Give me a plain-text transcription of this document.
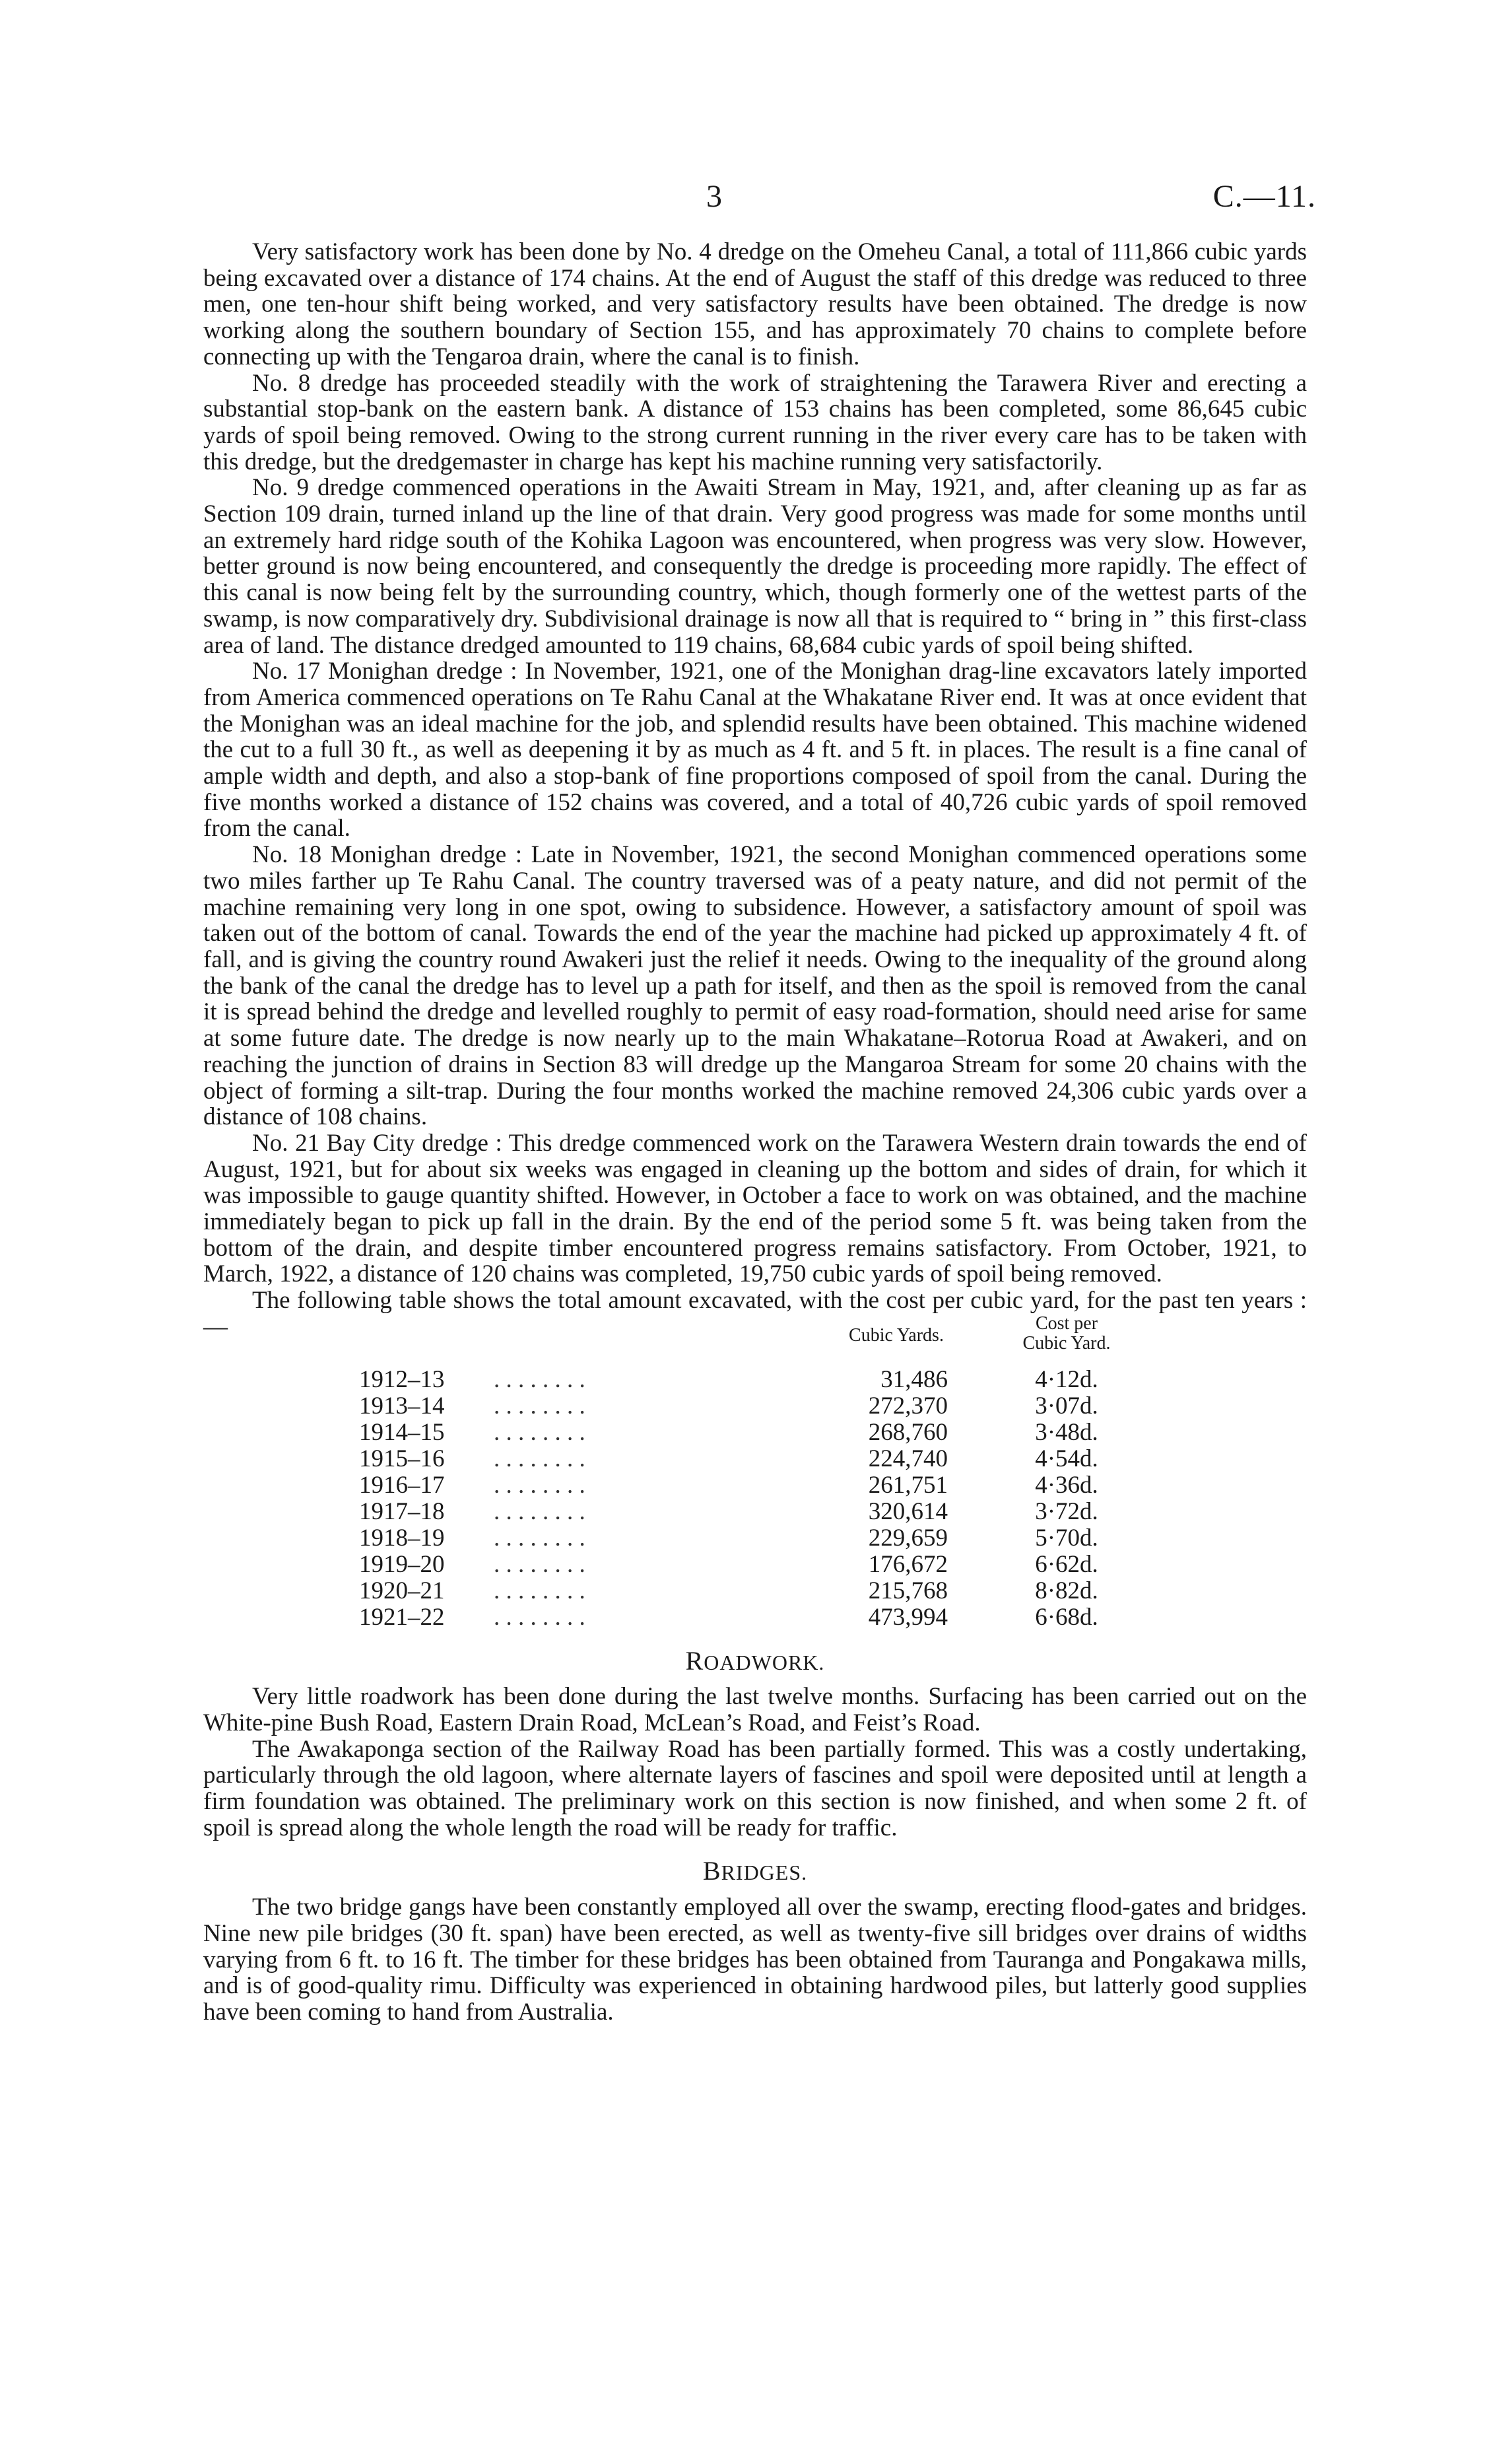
3	C.—11.

Very satisfactory work has been done by No. 4 dredge on the Omeheu Canal, a total of 111,866 cubic yards being excavated over a distance of 174 chains. At the end of August the staff of this dredge was reduced to three men, one ten-hour shift being worked, and very satisfactory results have been obtained. The dredge is now working along the southern boundary of Section 155, and has approximately 70 chains to complete before connecting up with the Tengaroa drain, where the canal is to finish.

No. 8 dredge has proceeded steadily with the work of straightening the Tarawera River and erecting a substantial stop-bank on the eastern bank. A distance of 153 chains has been completed, some 86,645 cubic yards of spoil being removed. Owing to the strong current running in the river every care has to be taken with this dredge, but the dredgemaster in charge has kept his machine running very satisfactorily.

No. 9 dredge commenced operations in the Awaiti Stream in May, 1921, and, after cleaning up as far as Section 109 drain, turned inland up the line of that drain. Very good progress was made for some months until an extremely hard ridge south of the Kohika Lagoon was encountered, when progress was very slow. However, better ground is now being encountered, and consequently the dredge is proceeding more rapidly. The effect of this canal is now being felt by the surrounding country, which, though formerly one of the wettest parts of the swamp, is now comparatively dry. Subdivisional drainage is now all that is required to “ bring in ” this first-class area of land. The distance dredged amounted to 119 chains, 68,684 cubic yards of spoil being shifted.

No. 17 Monighan dredge : In November, 1921, one of the Monighan drag-line excavators lately imported from America commenced operations on Te Rahu Canal at the Whakatane River end. It was at once evident that the Monighan was an ideal machine for the job, and splendid results have been obtained. This machine widened the cut to a full 30 ft., as well as deepening it by as much as 4 ft. and 5 ft. in places. The result is a fine canal of ample width and depth, and also a stop-bank of fine proportions composed of spoil from the canal. During the five months worked a distance of 152 chains was covered, and a total of 40,726 cubic yards of spoil removed from the canal.

No. 18 Monighan dredge : Late in November, 1921, the second Monighan commenced operations some two miles farther up Te Rahu Canal. The country traversed was of a peaty nature, and did not permit of the machine remaining very long in one spot, owing to subsidence. However, a satisfactory amount of spoil was taken out of the bottom of canal. Towards the end of the year the machine had picked up approximately 4 ft. of fall, and is giving the country round Awakeri just the relief it needs. Owing to the inequality of the ground along the bank of the canal the dredge has to level up a path for itself, and then as the spoil is removed from the canal it is spread behind the dredge and levelled roughly to permit of easy road-formation, should need arise for same at some future date. The dredge is now nearly up to the main Whakatane–Rotorua Road at Awakeri, and on reaching the junction of drains in Section 83 will dredge up the Mangaroa Stream for some 20 chains with the object of forming a silt-trap. During the four months worked the machine removed 24,306 cubic yards over a distance of 108 chains.

No. 21 Bay City dredge : This dredge commenced work on the Tarawera Western drain towards the end of August, 1921, but for about six weeks was engaged in cleaning up the bottom and sides of drain, for which it was impossible to gauge quantity shifted. However, in October a face to work on was obtained, and the machine immediately began to pick up fall in the drain. By the end of the period some 5 ft. was being taken from the bottom of the drain, and despite timber encountered progress remains satisfactory. From October, 1921, to March, 1922, a distance of 120 chains was completed, 19,750 cubic yards of spoil being removed.

The following table shows the total amount excavated, with the cost per cubic yard, for the past ten years :—	Cubic Yards.
Cost per
Cubic Yard.
1912–13 . . . . . . . .	31,486	4·12d.
1913–14 . . . . . . . .	272,370	3·07d.
1914–15 . . . . . . . .	268,760	3·48d.
1915–16 . . . . . . . .	224,740	4·54d.
1916–17 . . . . . . . .	261,751	4·36d.
1917–18 . . . . . . . .	320,614	3·72d.
1918–19 . . . . . . . .	229,659	5·70d.
1919–20 . . . . . . . .	176,672	6·62d.
1920–21 . . . . . . . .	215,768	8·82d.
1921–22 . . . . . . . .	473,994	6·68d.
ROADWORK.

Very little roadwork has been done during the last twelve months. Surfacing has been carried out on the White-pine Bush Road, Eastern Drain Road, McLean’s Road, and Feist’s Road.

The Awakaponga section of the Railway Road has been partially formed. This was a costly undertaking, particularly through the old lagoon, where alternate layers of fascines and spoil were deposited until at length a firm foundation was obtained. The preliminary work on this section is now finished, and when some 2 ft. of spoil is spread along the whole length the road will be ready for traffic.

BRIDGES.

The two bridge gangs have been constantly employed all over the swamp, erecting flood-gates and bridges. Nine new pile bridges (30 ft. span) have been erected, as well as twenty-five sill bridges over drains of widths varying from 6 ft. to 16 ft. The timber for these bridges has been obtained from Tauranga and Pongakawa mills, and is of good-quality rimu. Difficulty was experienced in obtaining hardwood piles, but latterly good supplies have been coming to hand from Australia.
